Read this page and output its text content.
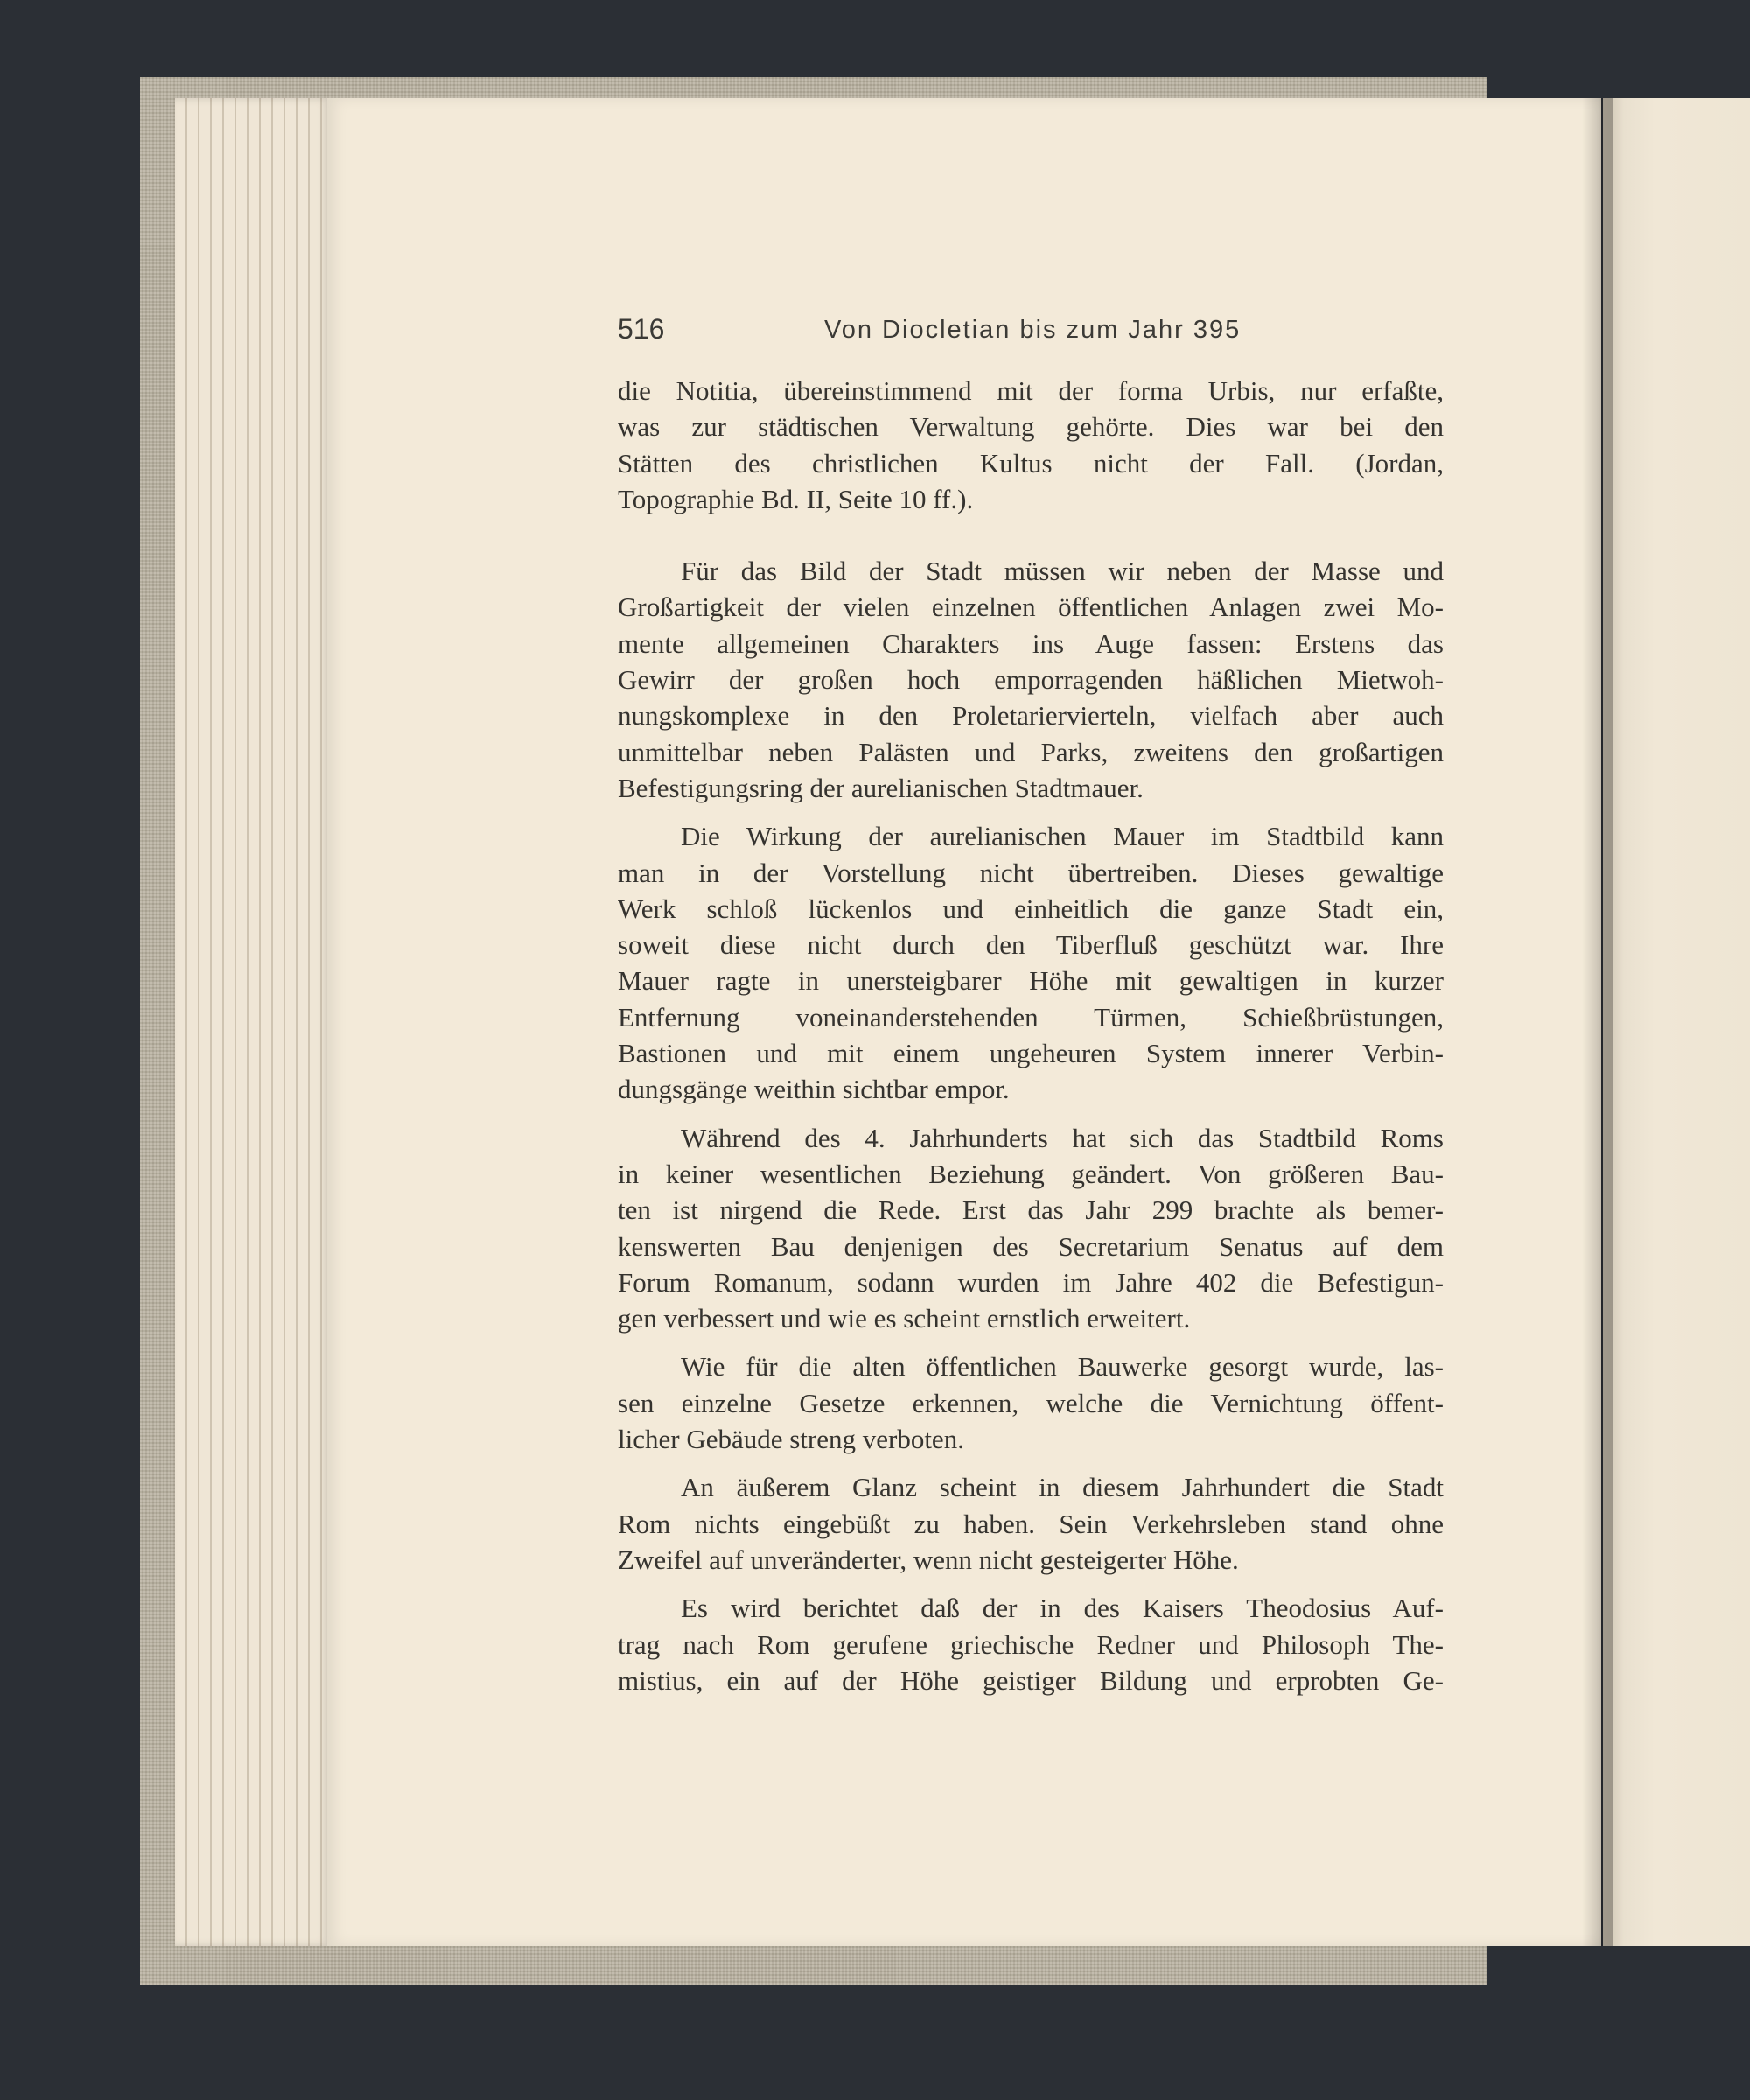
516	Von Diocletian bis zum Jahr 395

die Notitia, übereinstimmend mit der forma Urbis, nur erfaßte,
was zur städtischen Verwaltung gehörte. Dies war bei den
Stätten des christlichen Kultus nicht der Fall. (Jordan,
Topographie Bd. II, Seite 10 ff.).

Für das Bild der Stadt müssen wir neben der Masse und
Großartigkeit der vielen einzelnen öffentlichen Anlagen zwei Mo-
mente allgemeinen Charakters ins Auge fassen: Erstens das
Gewirr der großen hoch emporragenden häßlichen Mietwoh-
nungskomplexe in den Proletariervierteln, vielfach aber auch
unmittelbar neben Palästen und Parks, zweitens den großartigen
Befestigungsring der aurelianischen Stadtmauer.

Die Wirkung der aurelianischen Mauer im Stadtbild kann
man in der Vorstellung nicht übertreiben. Dieses gewaltige
Werk schloß lückenlos und einheitlich die ganze Stadt ein,
soweit diese nicht durch den Tiberfluß geschützt war. Ihre
Mauer ragte in unersteigbarer Höhe mit gewaltigen in kurzer
Entfernung voneinanderstehenden Türmen, Schießbrüstungen,
Bastionen und mit einem ungeheuren System innerer Verbin-
dungsgänge weithin sichtbar empor.

Während des 4. Jahrhunderts hat sich das Stadtbild Roms
in keiner wesentlichen Beziehung geändert. Von größeren Bau-
ten ist nirgend die Rede. Erst das Jahr 299 brachte als bemer-
kenswerten Bau denjenigen des Secretarium Senatus auf dem
Forum Romanum, sodann wurden im Jahre 402 die Befestigun-
gen verbessert und wie es scheint ernstlich erweitert.

Wie für die alten öffentlichen Bauwerke gesorgt wurde, las-
sen einzelne Gesetze erkennen, welche die Vernichtung öffent-
licher Gebäude streng verboten.

An äußerem Glanz scheint in diesem Jahrhundert die Stadt
Rom nichts eingebüßt zu haben. Sein Verkehrsleben stand ohne
Zweifel auf unveränderter, wenn nicht gesteigerter Höhe.

Es wird berichtet daß der in des Kaisers Theodosius Auf-
trag nach Rom gerufene griechische Redner und Philosoph The-
mistius, ein auf der Höhe geistiger Bildung und erprobten Ge-
